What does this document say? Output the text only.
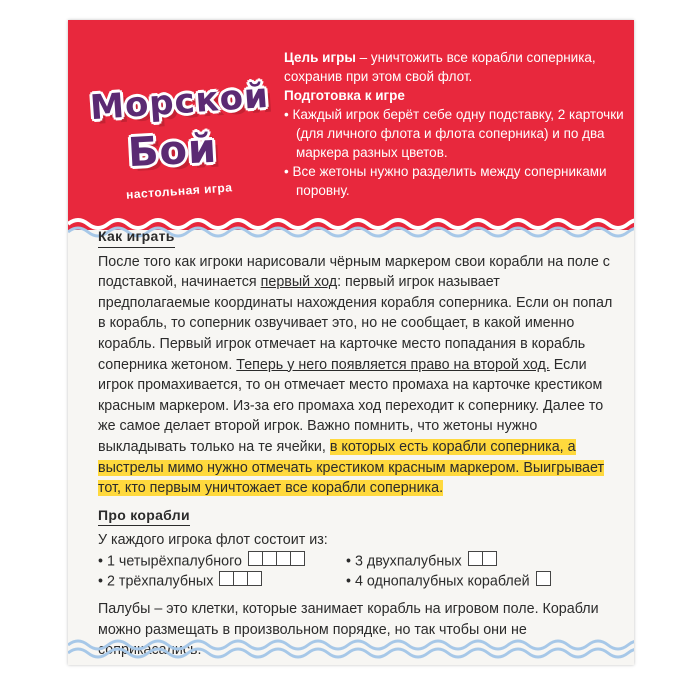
Морской
Бой
настольная игра

Цель игры – уничтожить все корабли соперника, сохранив при этом свой флот.

Подготовка к игре

• Каждый игрок берёт себе одну подставку, 2 карточки (для личного флота и флота соперника) и по два маркера разных цветов.

• Все жетоны нужно разделить между соперниками поровну.

Как играть

После того как игроки нарисовали чёрным маркером свои корабли на поле с подставкой, начинается первый ход: первый игрок называет предполагаемые координаты нахождения корабля соперника. Если он попал в корабль, то соперник озвучивает это, но не сообщает, в какой именно корабль. Первый игрок отмечает на карточке место попадания в корабль соперника жетоном. Теперь у него появляется право на второй ход. Если игрок промахивается, то он отмечает место промаха на карточке крестиком красным маркером. Из-за его промаха ход переходит к сопернику. Далее то же самое делает второй игрок. Важно помнить, что жетоны нужно выкладывать только на те ячейки, в которых есть корабли соперника, а выстрелы мимо нужно отмечать крестиком красным маркером. Выигрывает тот, кто первым уничтожает все корабли соперника.

Про корабли

У каждого игрока флот состоит из:

• 1 четырёхпалубного
• 2 трёхпалубных
• 3 двухпалубных
• 4 однопалубных кораблей

Палубы – это клетки, которые занимает корабль на игровом поле. Корабли можно размещать в произвольном порядке, но так чтобы они не соприкасались.
